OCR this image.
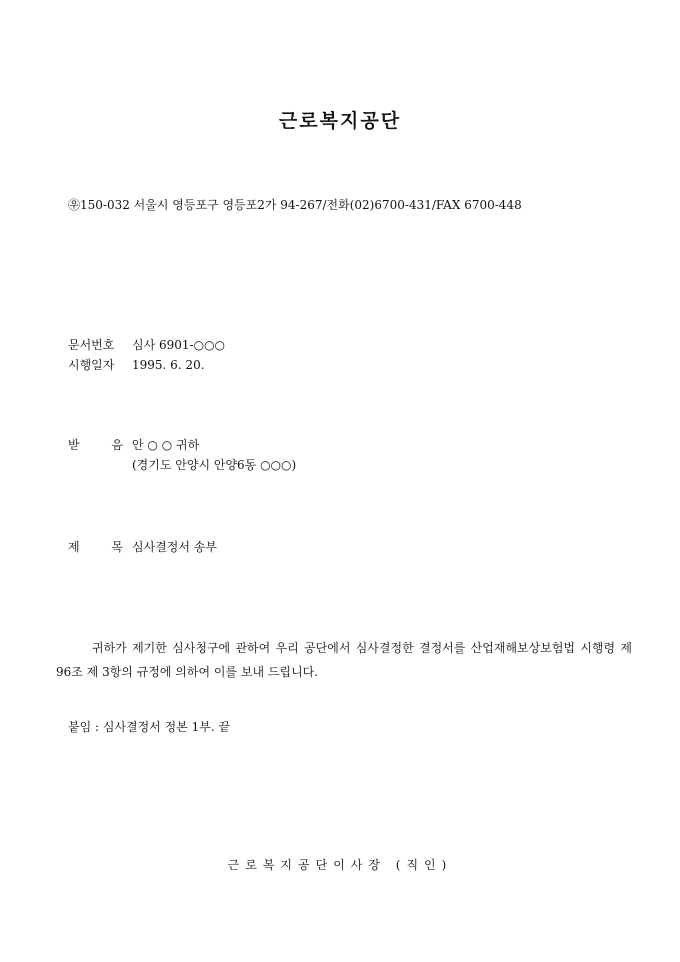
근로복지공단
㉾150-032 서울시 영등포구 영등포2가 94-267/전화(02)6700-431/FAX 6700-448
문서번호 심사 6901-○○○
시행일자 1995. 6. 20.
받 음안 ○ ○ 귀하
(경기도 안양시 안양6동 ○○○)
제 목심사결정서 송부
귀하가 제기한 심사청구에 관하여 우리 공단에서 심사결정한 결정서를 산업재해보상보험법 시행령 제96조 제 3항의 규정에 의하여 이를 보내 드립니다.
붙임 : 심사결정서 정본 1부. 끝
근로복지공단이사장 (직인)
